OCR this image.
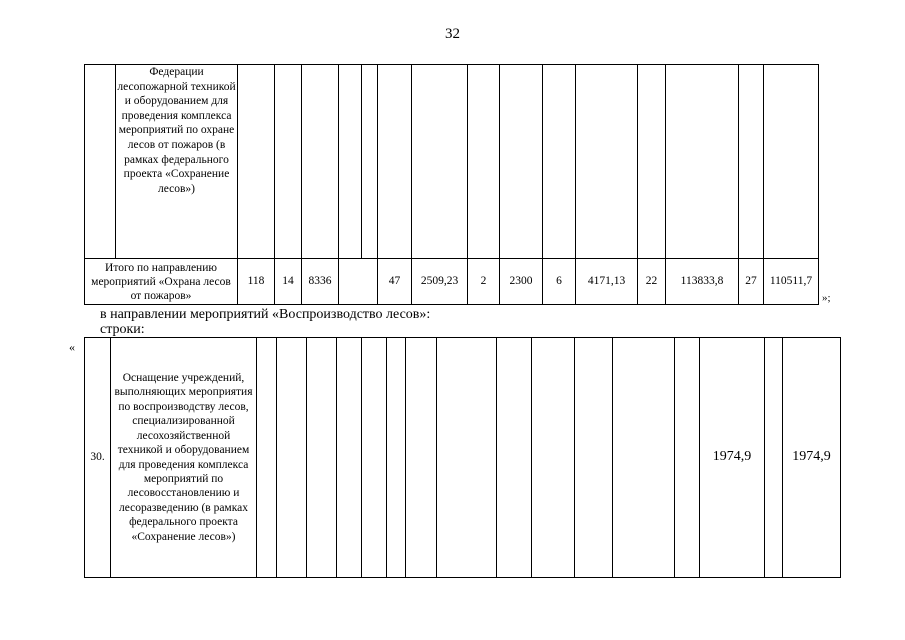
32
	Федерации лесопожарной техникой и оборудованием для проведения комплекса мероприятий по охране лесов от пожаров (в рамках федерального проекта «Сохранение лесов»)															
Итого по направлению мероприятий «Охрана лесов от пожаров»		118	14	8336			47	2509,23	2	2300	6	4171,13	22	113833,8	27	110511,7
»;
в направлении мероприятий «Воспроизводство лесов»:
строки:
«
30.	Оснащение учреждений, выполняющих мероприятия по воспроизводству лесов, специализированной лесохозяйственной техникой и оборудованием для проведения комплекса мероприятий по лесовосстановлению и лесоразведению (в рамках федерального проекта «Сохранение лесов»)														1974,9		1974,9
